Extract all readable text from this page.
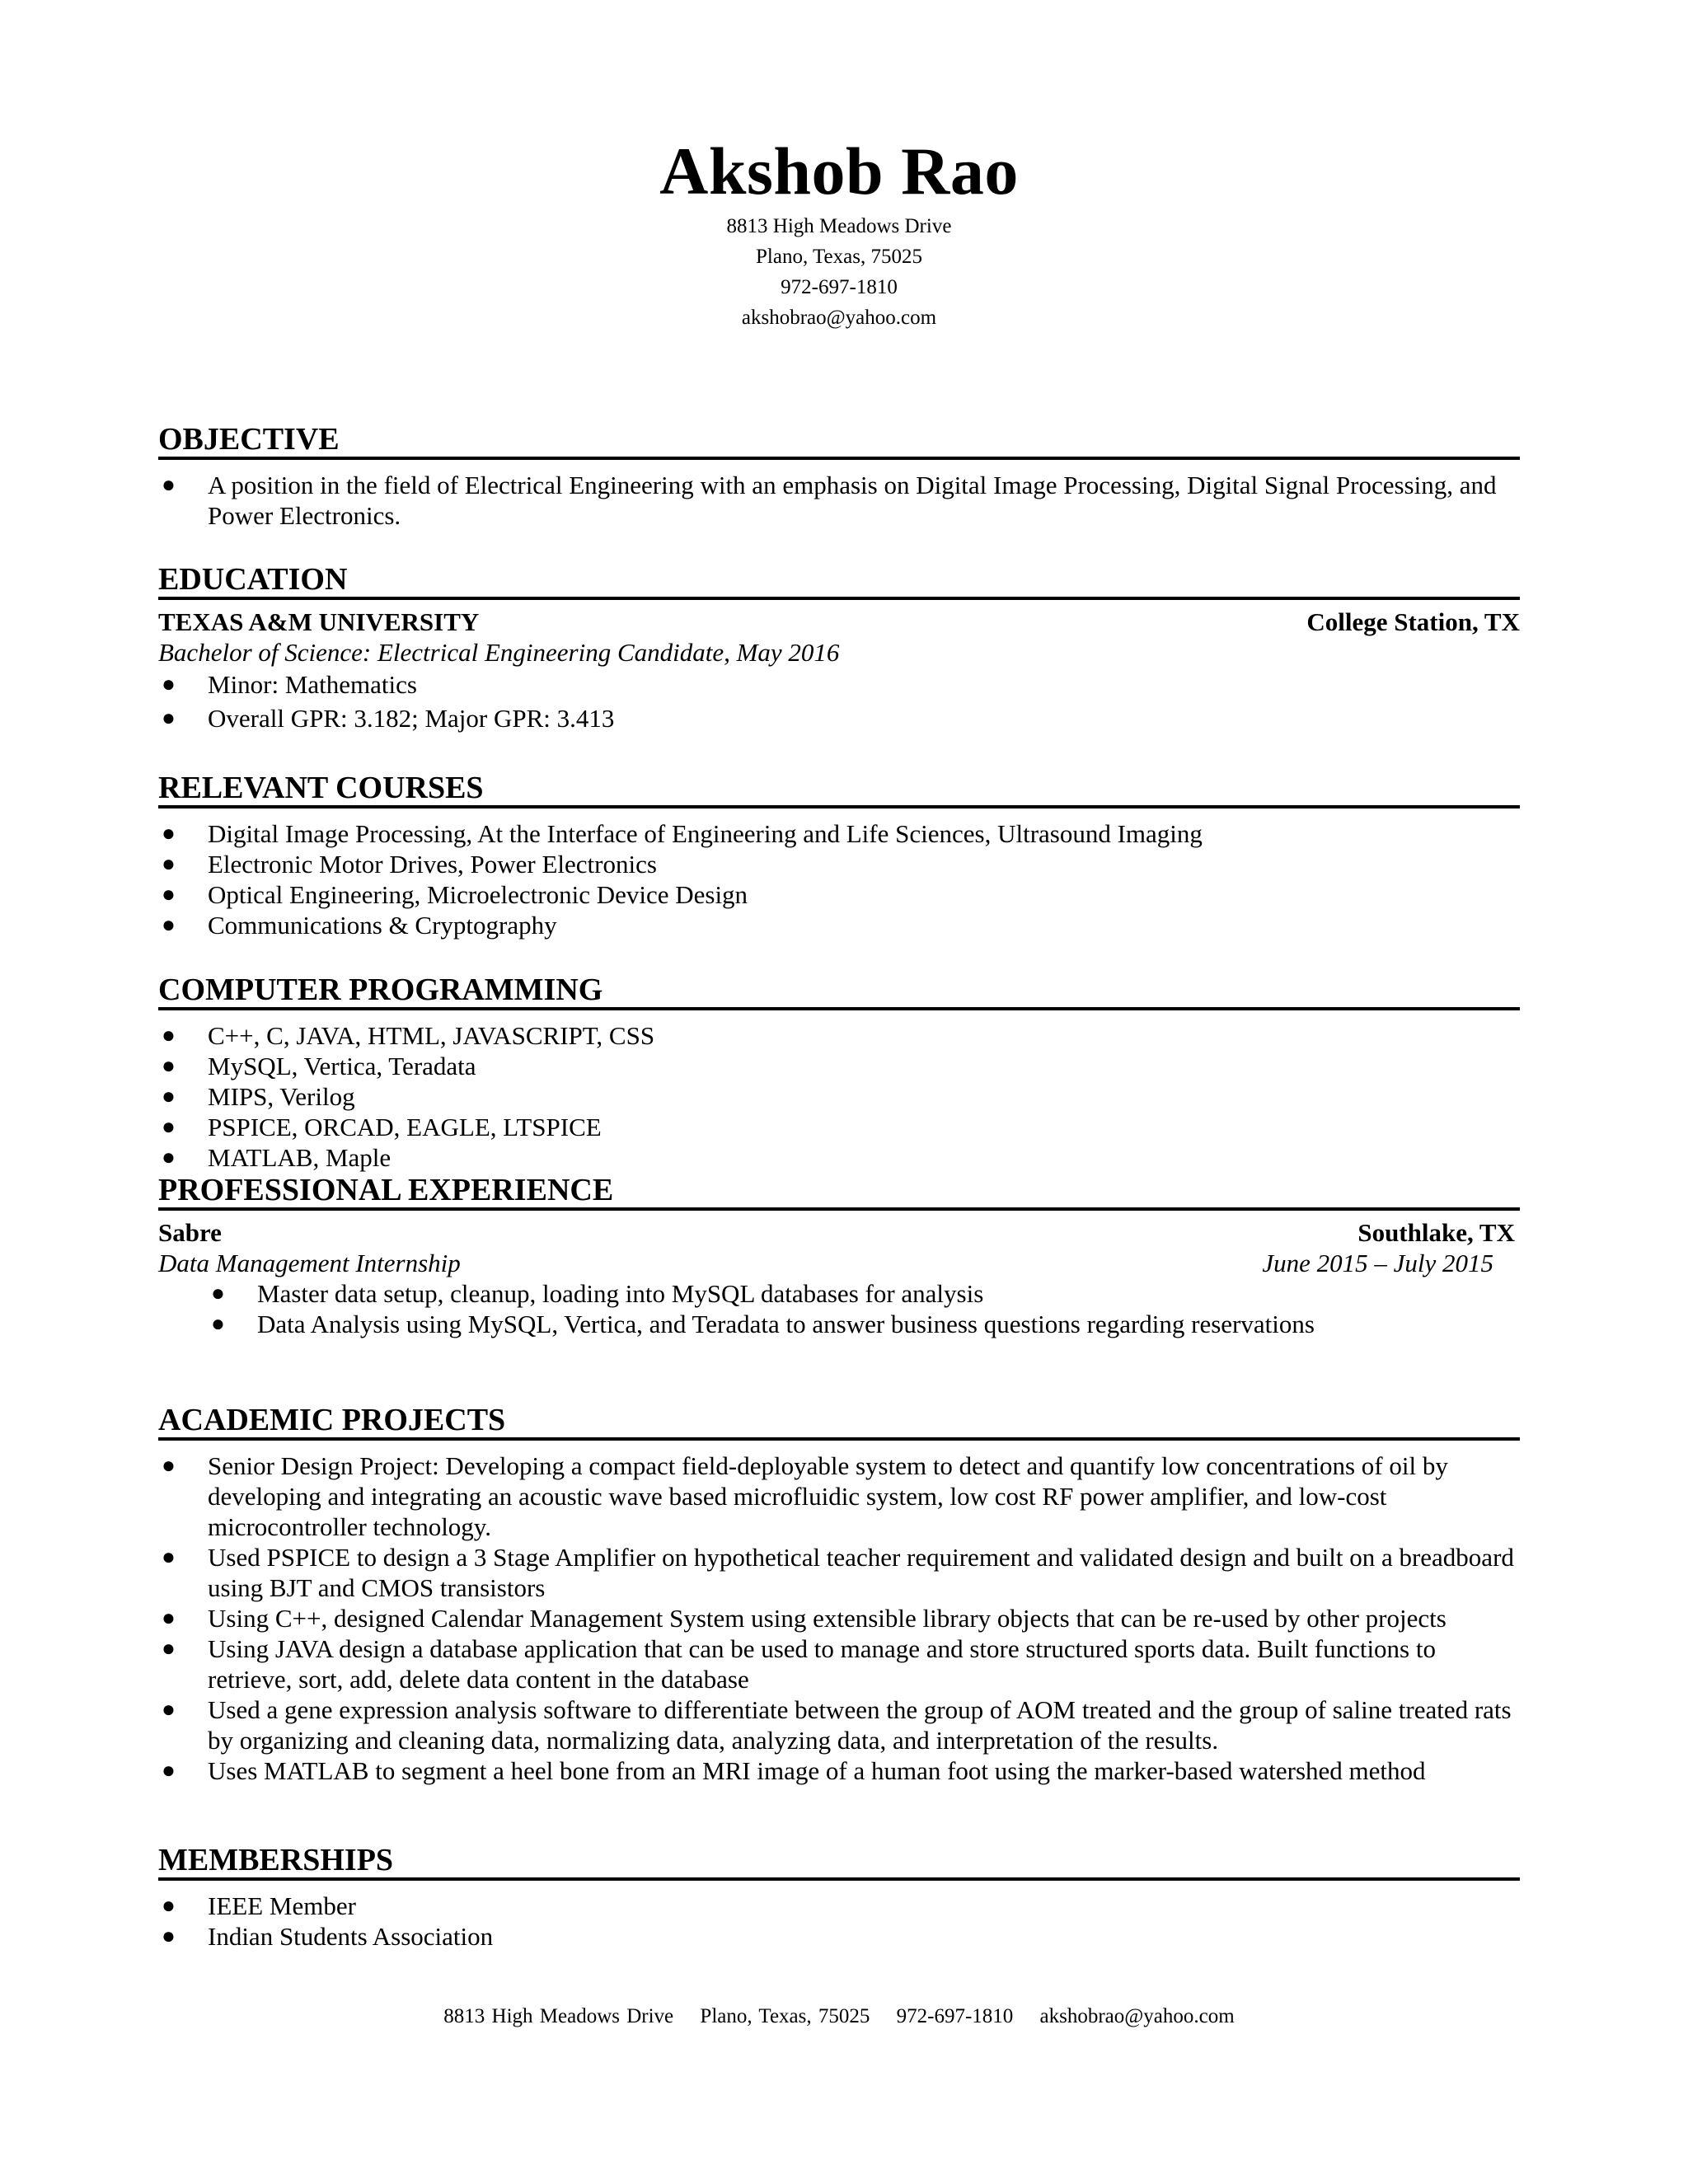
Akshob Rao
8813 High Meadows Drive
Plano, Texas, 75025
972-697-1810
akshobrao@yahoo.com
OBJECTIVE
● A position in the field of Electrical Engineering with an emphasis on Digital Image Processing, Digital Signal Processing, and Power Electronics.
EDUCATION
TEXAS A&M UNIVERSITY	College Station, TX
Bachelor of Science: Electrical Engineering Candidate, May 2016
● Minor: Mathematics
● Overall GPR: 3.182; Major GPR: 3.413
RELEVANT COURSES
● Digital Image Processing, At the Interface of Engineering and Life Sciences, Ultrasound Imaging
● Electronic Motor Drives, Power Electronics
● Optical Engineering, Microelectronic Device Design
● Communications & Cryptography
COMPUTER PROGRAMMING
● C++, C, JAVA, HTML, JAVASCRIPT, CSS
● MySQL, Vertica, Teradata
● MIPS, Verilog
● PSPICE, ORCAD, EAGLE, LTSPICE
● MATLAB, Maple
PROFESSIONAL EXPERIENCE
Sabre	Southlake, TX
Data Management Internship	June 2015 – July 2015
● Master data setup, cleanup, loading into MySQL databases for analysis
● Data Analysis using MySQL, Vertica, and Teradata to answer business questions regarding reservations
ACADEMIC PROJECTS
● Senior Design Project: Developing a compact field-deployable system to detect and quantify low concentrations of oil by developing and integrating an acoustic wave based microfluidic system, low cost RF power amplifier, and low-cost microcontroller technology.
● Used PSPICE to design a 3 Stage Amplifier on hypothetical teacher requirement and validated design and built on a breadboard using BJT and CMOS transistors
● Using C++, designed Calendar Management System using extensible library objects that can be re-used by other projects
● Using JAVA design a database application that can be used to manage and store structured sports data. Built functions to retrieve, sort, add, delete data content in the database
● Used a gene expression analysis software to differentiate between the group of AOM treated and the group of saline treated rats by organizing and cleaning data, normalizing data, analyzing data, and interpretation of the results.
● Uses MATLAB to segment a heel bone from an MRI image of a human foot using the marker-based watershed method
MEMBERSHIPS
● IEEE Member
● Indian Students Association
8813 High Meadows Drive Plano, Texas, 75025 972-697-1810 akshobrao@yahoo.com
